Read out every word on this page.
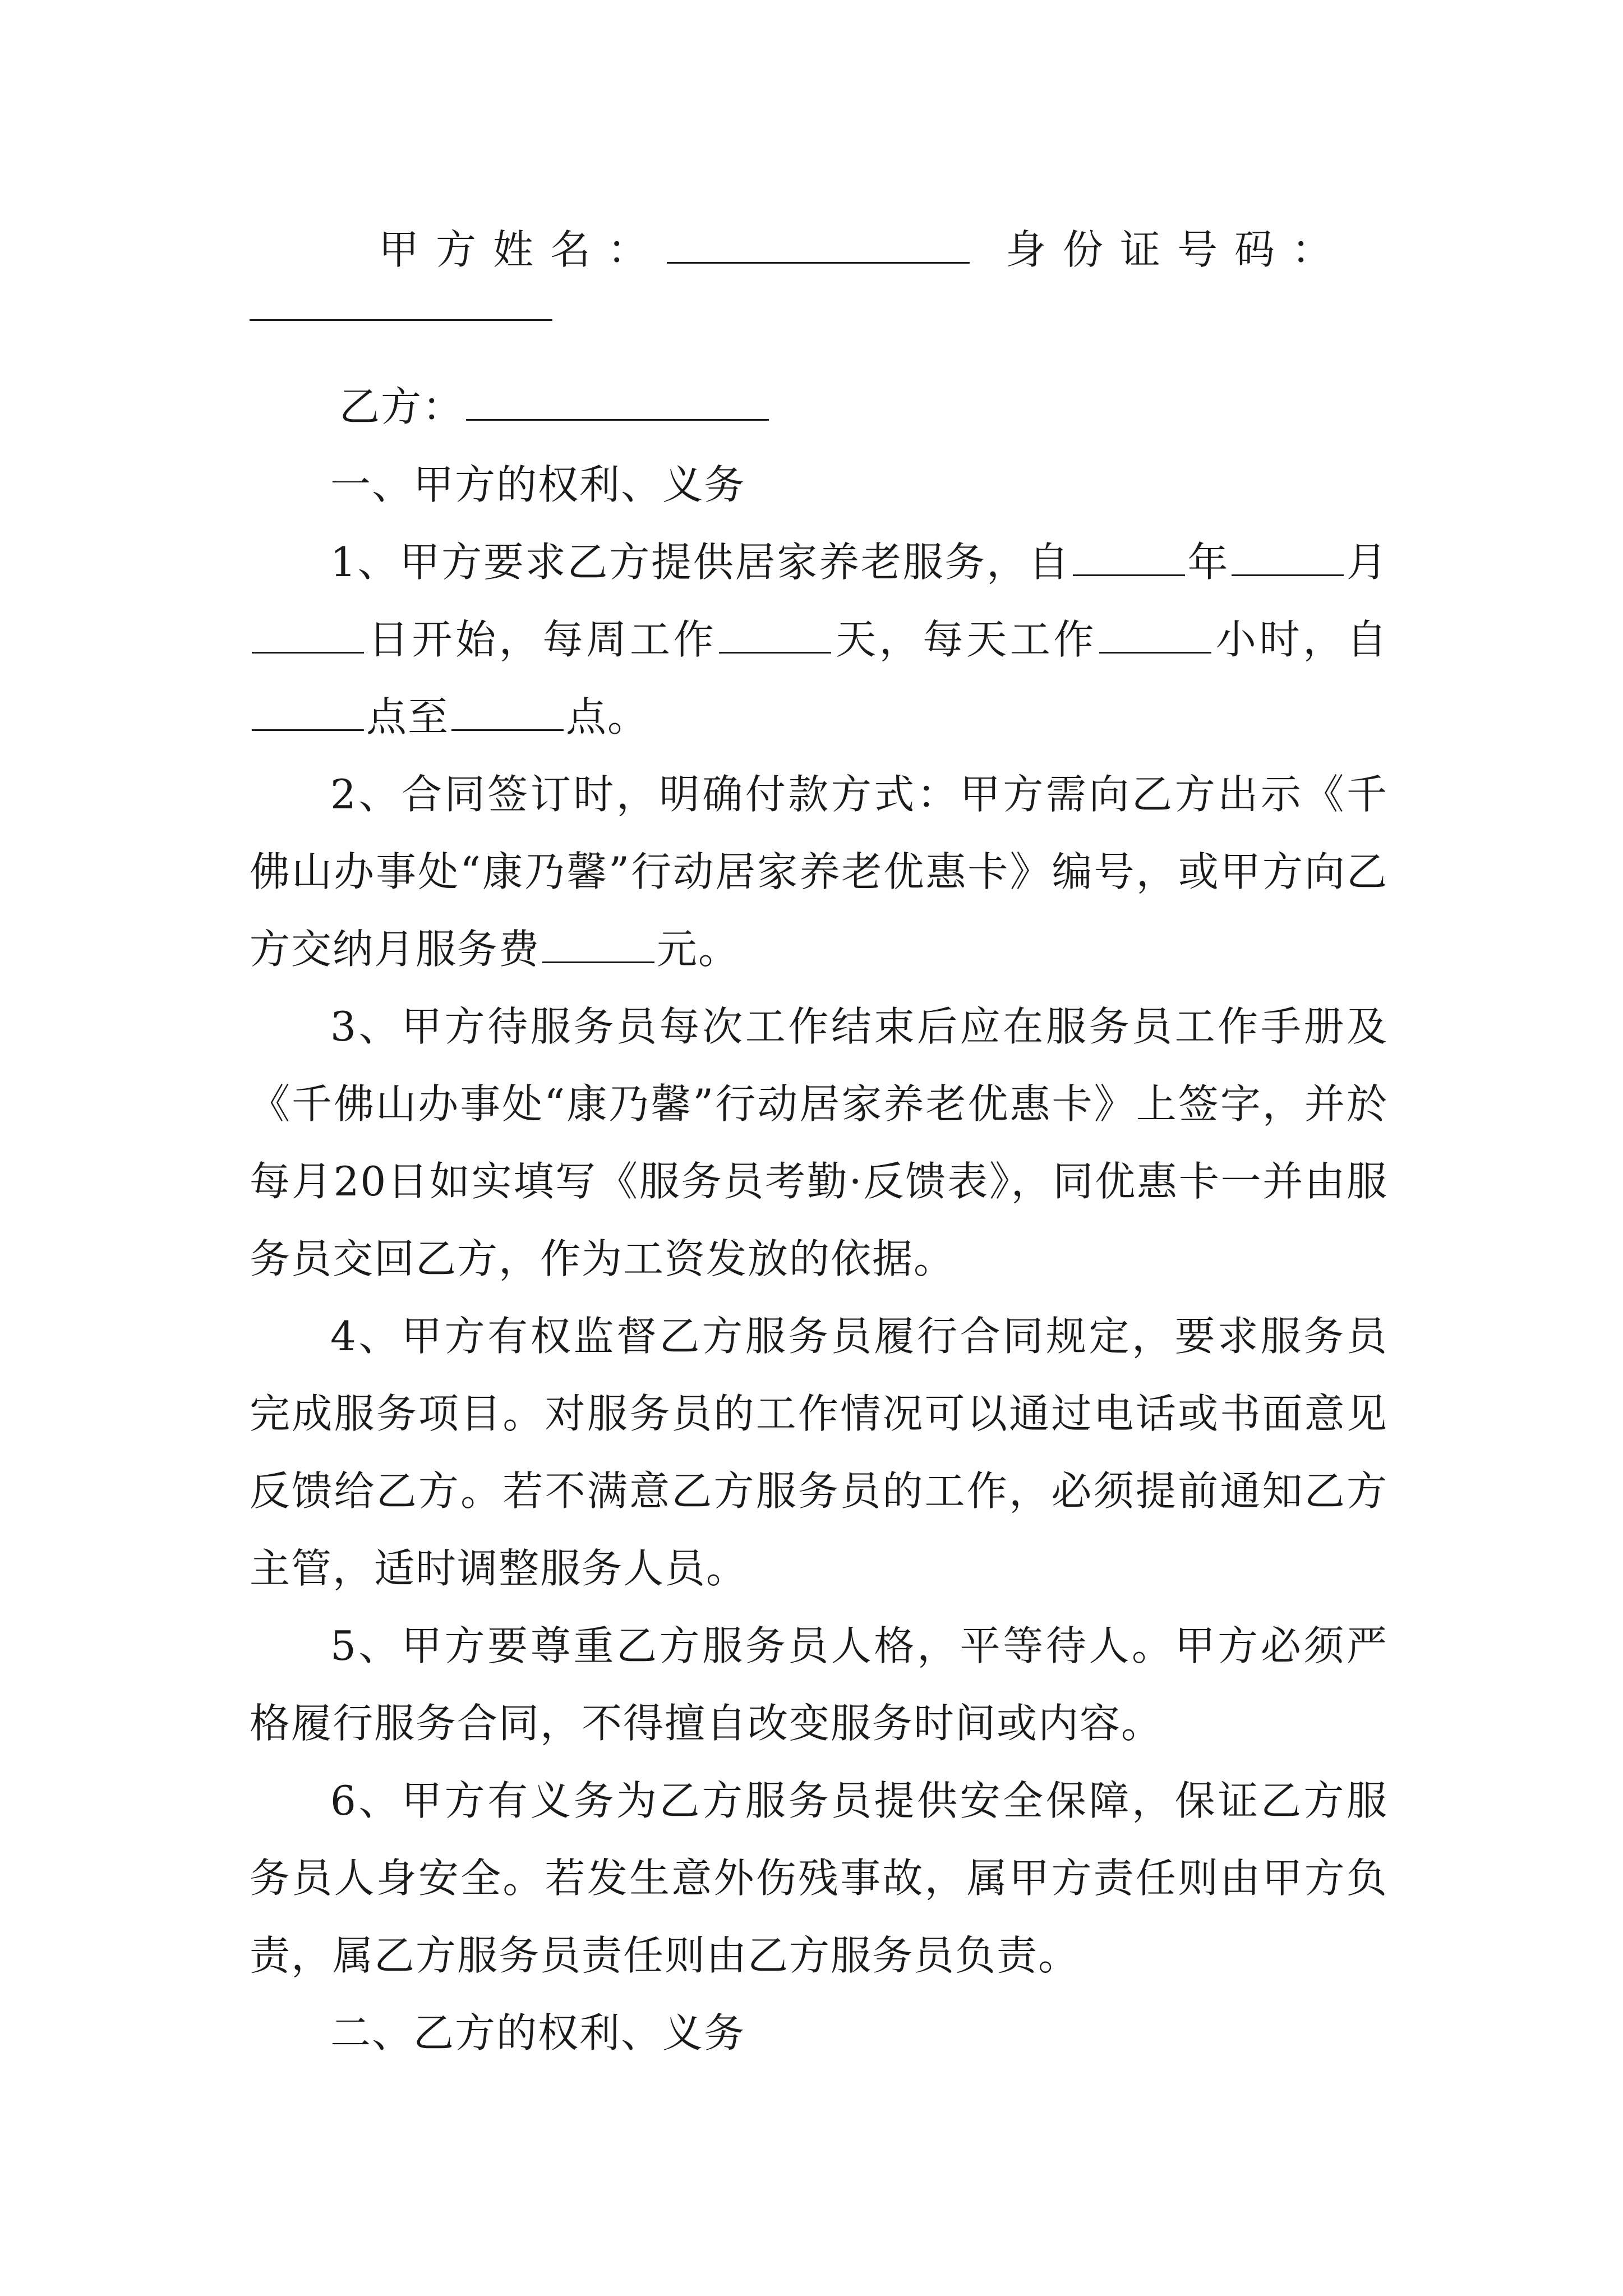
甲方姓名：	身份证号码：

乙方：

一、甲方的权利、义务

1、甲方要求乙方提供居家养老服务，自	年	月日开始，每周工作	天，每天工作	小时，自点至	点。

2、合同签订时，明确付款方式：甲方需向乙方出示《千佛山办事处“康乃馨”行动居家养老优惠卡》编号，或甲方向乙方交纳月服务费	元。

3、甲方待服务员每次工作结束后应在服务员工作手册及《千佛山办事处“康乃馨”行动居家养老优惠卡》上签字，并於每月20日如实填写《服务员考勤·反馈表》，同优惠卡一并由服务员交回乙方，作为工资发放的依据。

4、甲方有权监督乙方服务员履行合同规定，要求服务员完成服务项目。对服务员的工作情况可以通过电话或书面意见反馈给乙方。若不满意乙方服务员的工作，必须提前通知乙方主管，适时调整服务人员。

5、甲方要尊重乙方服务员人格，平等待人。甲方必须严格履行服务合同，不得擅自改变服务时间或内容。

6、甲方有义务为乙方服务员提供安全保障，保证乙方服务员人身安全。若发生意外伤残事故，属甲方责任则由甲方负责，属乙方服务员责任则由乙方服务员负责。

二、乙方的权利、义务
